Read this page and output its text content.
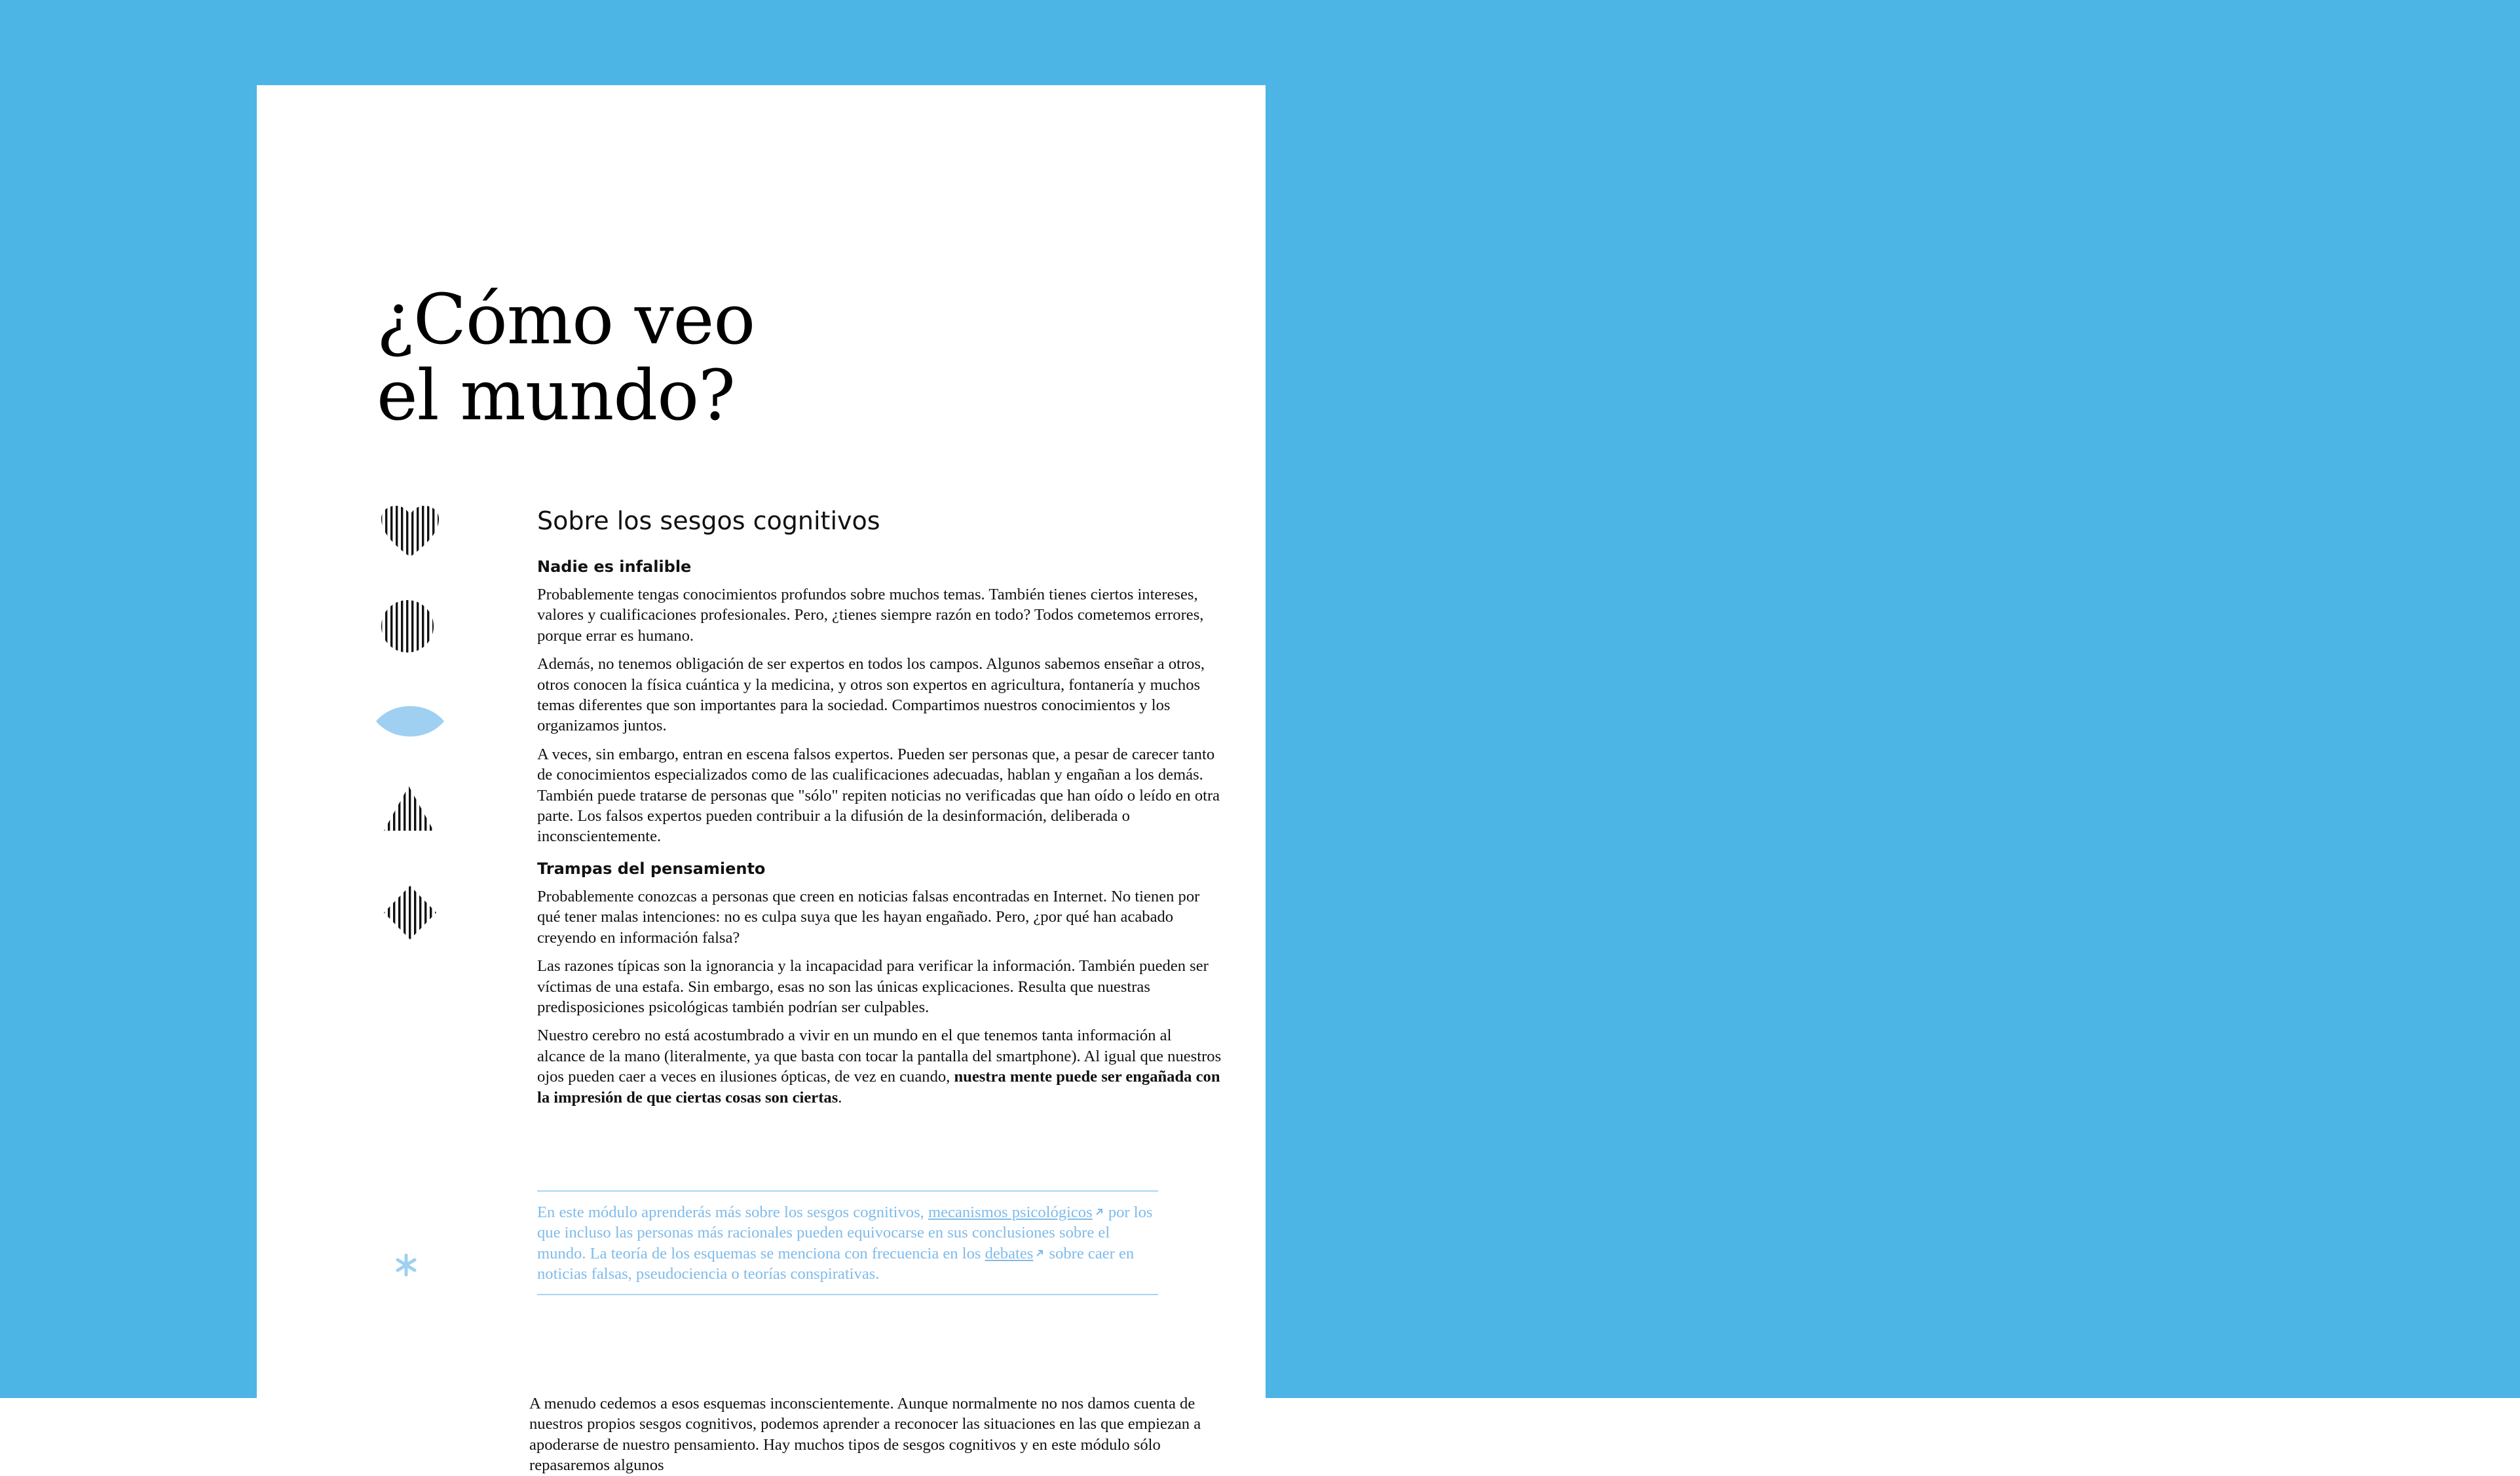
¿Cómo veo
el mundo?
Sobre los sesgos cognitivos
Nadie es infalible

Probablemente tengas conocimientos profundos sobre muchos temas. También tienes ciertos intereses, valores y cualificaciones profesionales. Pero, ¿tienes siempre razón en todo? Todos cometemos errores, porque errar es humano.

Además, no tenemos obligación de ser expertos en todos los campos. Algunos sabemos enseñar a otros, otros conocen la física cuántica y la medicina, y otros son expertos en agricultura, fontanería y muchos temas diferentes que son importantes para la sociedad. Compartimos nuestros conocimientos y los organizamos juntos.

A veces, sin embargo, entran en escena falsos expertos. Pueden ser personas que, a pesar de carecer tanto de conocimientos especializados como de las cualificaciones adecuadas, hablan y engañan a los demás. También puede tratarse de personas que "sólo" repiten noticias no verificadas que han oído o leído en otra parte. Los falsos expertos pueden contribuir a la difusión de la desinformación, deliberada o inconscientemente.

Trampas del pensamiento

Probablemente conozcas a personas que creen en noticias falsas encontradas en Internet. No tienen por qué tener malas intenciones: no es culpa suya que les hayan engañado. Pero, ¿por qué han acabado creyendo en información falsa?

Las razones típicas son la ignorancia y la incapacidad para verificar la información. También pueden ser víctimas de una estafa. Sin embargo, esas no son las únicas explicaciones. Resulta que nuestras predisposiciones psicológicas también podrían ser culpables.

Nuestro cerebro no está acostumbrado a vivir en un mundo en el que tenemos tanta información al alcance de la mano (literalmente, ya que basta con tocar la pantalla del smartphone). Al igual que nuestros ojos pueden caer a veces en ilusiones ópticas, de vez en cuando, nuestra mente puede ser engañada con la impresión de que ciertas cosas son ciertas.

En este módulo aprenderás más sobre los sesgos cognitivos, mecanismos psicológicos por los que incluso las personas más racionales pueden equivocarse en sus conclusiones sobre el mundo. La teoría de los esquemas se menciona con frecuencia en los debates sobre caer en noticias falsas, pseudociencia o teorías conspirativas.

A menudo cedemos a esos esquemas inconscientemente. Aunque normalmente no nos damos cuenta de nuestros propios sesgos cognitivos, podemos aprender a reconocer las situaciones en las que empiezan a apoderarse de nuestro pensamiento. Hay muchos tipos de sesgos cognitivos y en este módulo sólo repasaremos algunos
